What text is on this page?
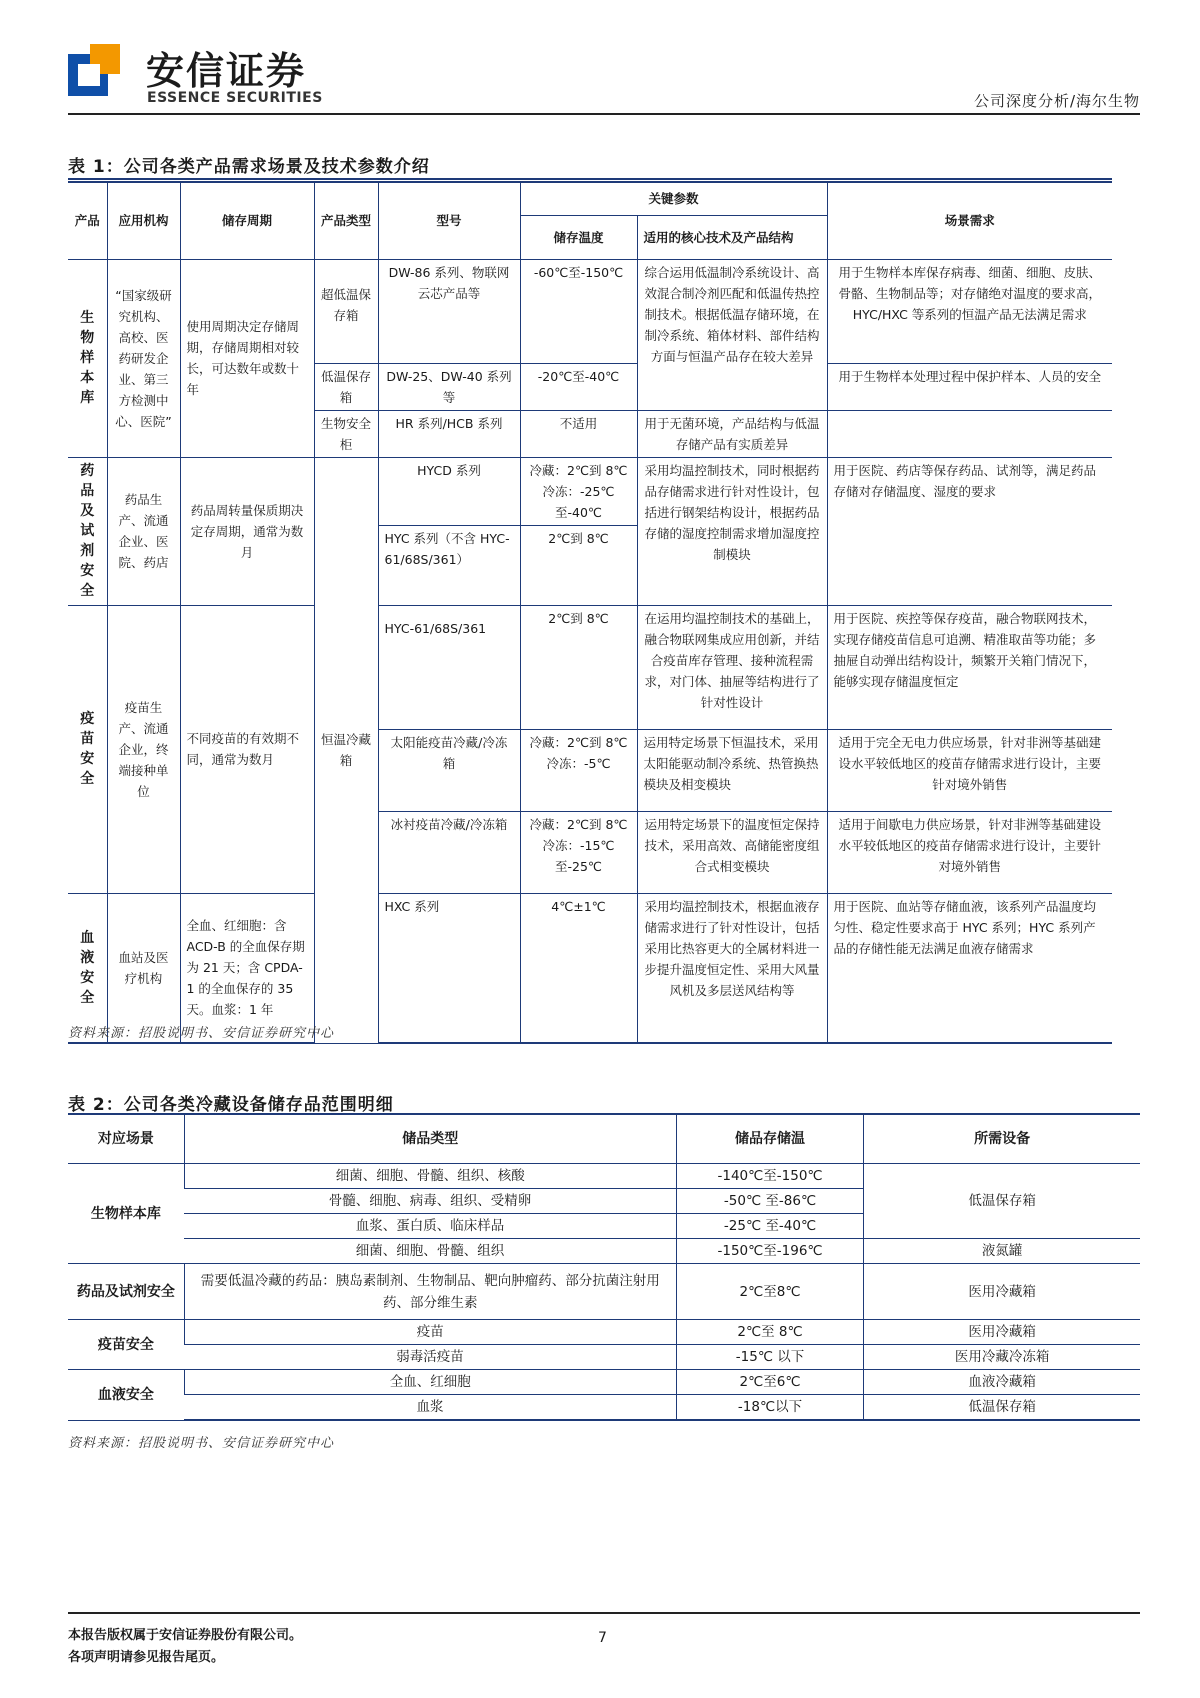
安信证券
ESSENCE SECURITIES	公司深度分析/海尔生物
表 1：公司各类产品需求场景及技术参数介绍
产品	应用机构	储存周期	产品类型	型号	关键参数		场景需求
					储存温度	适用的核心技术及产品结构	
生物样本库	“国家级研究机构、高校、医药研发企业、第三方检测中心、医院”	使用周期决定存储周期，存储周期相对较长，可达数年或数十年	超低温保存箱	DW-86 系列、物联网云芯产品等	-60℃至-150℃	综合运用低温制冷系统设计、高效混合制冷剂匹配和低温传热控制技术。根据低温存储环境，在制冷系统、箱体材料、部件结构方面与恒温产品存在较大差异	用于生物样本库保存病毒、细菌、细胞、皮肤、骨骼、生物制品等；对存储绝对温度的要求高，HYC/HXC 等系列的恒温产品无法满足需求
			低温保存箱	DW-25、DW-40 系列等	-20℃至-40℃		用于生物样本处理过程中保护样本、人员的安全
			生物安全柜	HR 系列/HCB 系列	不适用	用于无菌环境，产品结构与低温存储产品有实质差异	
药品及试剂安全	药品生产、流通企业、医院、药店	药品周转量保质期决定存周期，通常为数月	恒温冷藏箱	HYCD 系列	冷藏：2℃到 8℃ 冷冻：-25℃至-40℃	采用均温控制技术，同时根据药品存储需求进行针对性设计，包括进行钢架结构设计，根据药品存储的湿度控制需求增加湿度控制模块	用于医院、药店等保存药品、试剂等，满足药品存储对存储温度、湿度的要求
				HYC 系列（不含 HYC-61/68S/361）	2℃到 8℃		
疫苗安全	疫苗生产、流通企业，终端接种单位	不同疫苗的有效期不同，通常为数月		HYC-61/68S/361	2℃到 8℃	在运用均温控制技术的基础上，融合物联网集成应用创新，并结合疫苗库存管理、接种流程需求，对门体、抽屉等结构进行了针对性设计	用于医院、疾控等保存疫苗，融合物联网技术，实现存储疫苗信息可追溯、精准取苗等功能；多抽屉自动弹出结构设计，频繁开关箱门情况下，能够实现存储温度恒定
				太阳能疫苗冷藏/冷冻箱	冷藏：2℃到 8℃ 冷冻：-5℃	运用特定场景下恒温技术，采用太阳能驱动制冷系统、热管换热模块及相变模块	适用于完全无电力供应场景，针对非洲等基础建设水平较低地区的疫苗存储需求进行设计，主要针对境外销售
				冰衬疫苗冷藏/冷冻箱	冷藏：2℃到 8℃ 冷冻：-15℃至-25℃	运用特定场景下的温度恒定保持技术，采用高效、高储能密度组合式相变模块	适用于间歇电力供应场景，针对非洲等基础建设水平较低地区的疫苗存储需求进行设计，主要针对境外销售

血液安全	血站及医疗机构	全血、红细胞：含 ACD-B 的全血保存期为 21 天；含 CPDA-1 的全血保存的 35 天。血浆：1 年		HXC 系列	4℃±1℃	采用均温控制技术，根据血液存储需求进行了针对性设计，包括采用比热容更大的全属材料进一步提升温度恒定性、采用大风量风机及多层送风结构等	用于医院、血站等存储血液，该系列产品温度均匀性、稳定性要求高于 HYC 系列；HYC 系列产品的存储性能无法满足血液存储需求
资料来源：招股说明书、安信证券研究中心
表 2：公司各类冷藏设备储存品范围明细
对应场景	储品类型	储品存储温	所需设备
生物样本库	细菌、细胞、骨髓、组织、核酸	-140℃至-150℃	低温保存箱
	骨髓、细胞、病毒、组织、受精卵	-50℃ 至-86℃	
	血浆、蛋白质、临床样品	-25℃ 至-40℃	
	细菌、细胞、骨髓、组织	-150℃至-196℃	液氮罐
药品及试剂安全	需要低温冷藏的药品：胰岛素制剂、生物制品、靶向肿瘤药、部分抗菌注射用药、部分维生素	2℃至8℃	医用冷藏箱
疫苗安全	疫苗	2℃至 8℃	医用冷藏箱
	弱毒活疫苗	-15℃ 以下	医用冷藏冷冻箱
血液安全	全血、红细胞	2℃至6℃	血液冷藏箱
	血浆	-18℃以下	低温保存箱
资料来源：招股说明书、安信证券研究中心
本报告版权属于安信证券股份有限公司。
各项声明请参见报告尾页。
7
